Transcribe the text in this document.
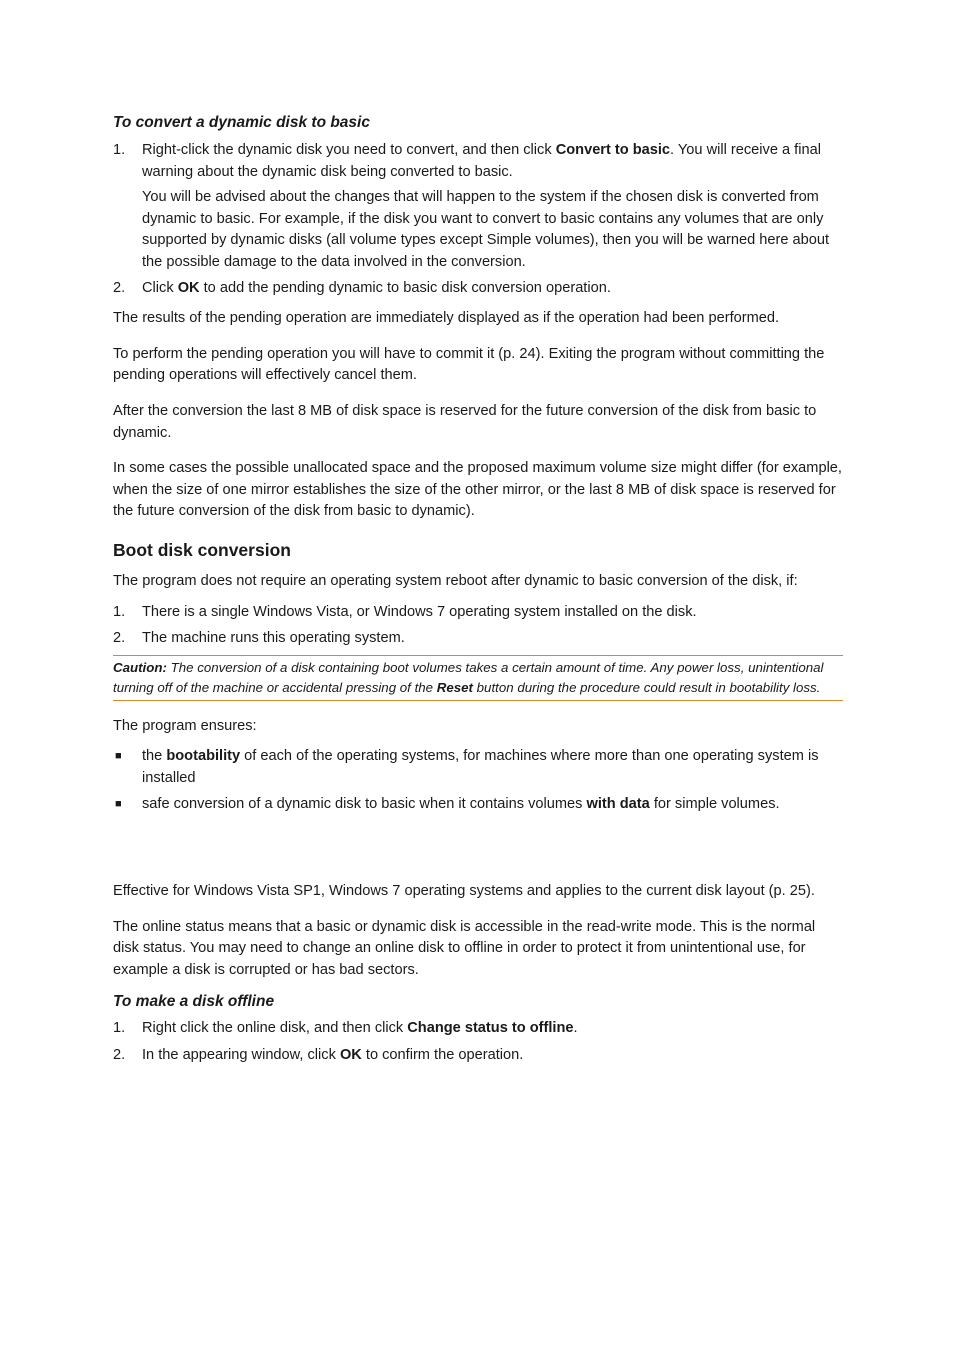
To convert a dynamic disk to basic

1. Right-click the dynamic disk you need to convert, and then click Convert to basic. You will receive a final warning about the dynamic disk being converted to basic.

You will be advised about the changes that will happen to the system if the chosen disk is converted from dynamic to basic. For example, if the disk you want to convert to basic contains any volumes that are only supported by dynamic disks (all volume types except Simple volumes), then you will be warned here about the possible damage to the data involved in the conversion.

2. Click OK to add the pending dynamic to basic disk conversion operation.

The results of the pending operation are immediately displayed as if the operation had been performed.

To perform the pending operation you will have to commit it (p. 24). Exiting the program without committing the pending operations will effectively cancel them.

After the conversion the last 8 MB of disk space is reserved for the future conversion of the disk from basic to dynamic.

In some cases the possible unallocated space and the proposed maximum volume size might differ (for example, when the size of one mirror establishes the size of the other mirror, or the last 8 MB of disk space is reserved for the future conversion of the disk from basic to dynamic).

Boot disk conversion

The program does not require an operating system reboot after dynamic to basic conversion of the disk, if:

1. There is a single Windows Vista, or Windows 7 operating system installed on the disk.

2. The machine runs this operating system.

Caution: The conversion of a disk containing boot volumes takes a certain amount of time. Any power loss, unintentional turning off of the machine or accidental pressing of the Reset button during the procedure could result in bootability loss.

The program ensures:

■ the bootability of each of the operating systems, for machines where more than one operating system is installed

■ safe conversion of a dynamic disk to basic when it contains volumes with data for simple volumes.

Effective for Windows Vista SP1, Windows 7 operating systems and applies to the current disk layout (p. 25).

The online status means that a basic or dynamic disk is accessible in the read-write mode. This is the normal disk status. You may need to change an online disk to offline in order to protect it from unintentional use, for example a disk is corrupted or has bad sectors.

To make a disk offline

1. Right click the online disk, and then click Change status to offline.

2. In the appearing window, click OK to confirm the operation.
